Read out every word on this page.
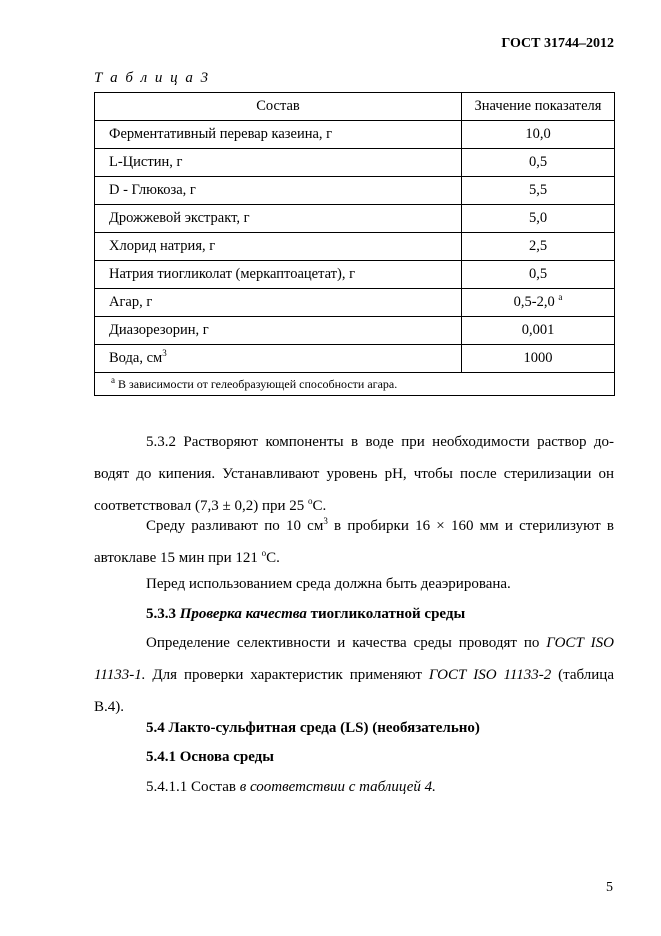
ГОСТ 31744–2012
Т а б л и ц а 3
Состав	Значение показателя
Ферментативный перевар казеина, г	10,0
L-Цистин, г	0,5
D - Глюкоза, г	5,5
Дрожжевой экстракт, г	5,0
Хлорид натрия, г	2,5
Натрия тиогликолат (меркаптоацетат), г	0,5
Агар, г	0,5-2,0 $^а$
Диазорезорин, г	0,001
Вода, $см^3$	1000
$^а$ В зависимости от гелеобразующей способности агара.	
5.3.2 Растворяют компоненты в воде при необходимости раствор до-водят до кипения. Устанавливают уровень pH, чтобы после стерилизации он соответствовал (7,3 ± 0,2) при 25 $^о$С.
Среду разливают по 10 $см^3$ в пробирки 16 × 160 мм и стерилизуют в автоклаве 15 мин при 121 $^о$С.
Перед использованием среда должна быть деаэрирована.
5.3.3 Проверка качества тиогликолатной среды
Определение селективности и качества среды проводят по ГОСТ ISO 11133-1. Для проверки характеристик применяют ГОСТ ISO 11133-2 (таблица В.4).
5.4 Лакто-сульфитная среда (LS) (необязательно)
5.4.1 Основа среды
5.4.1.1 Состав в соответствии с таблицей 4.
5
